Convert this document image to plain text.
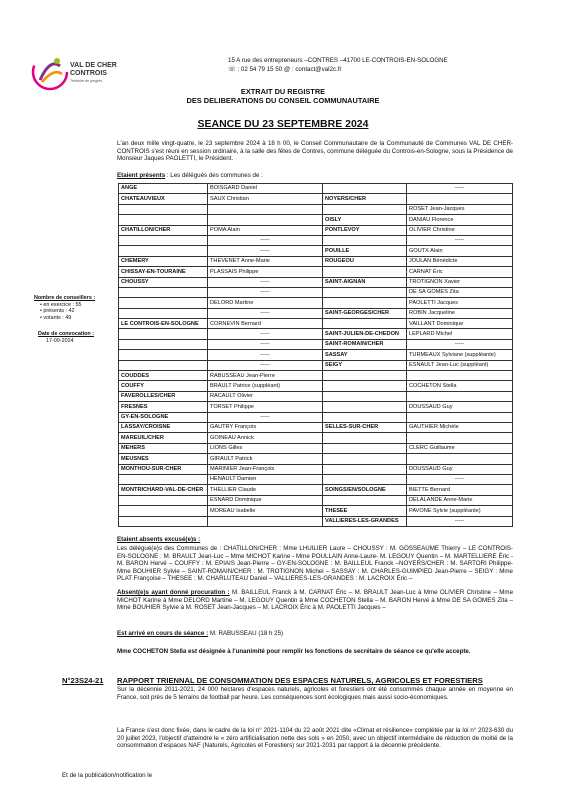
VAL DE CHER
CONTROIS
Territoire de progrès
15 A rue des entrepreneurs –CONTRES –41700 LE-CONTROIS-EN-SOLOGNE
☏ : 02 54 79 15 50 @ : contact@val2c.fr
EXTRAIT DU REGISTRE
DES DELIBERATIONS DU CONSEIL COMMUNAUTAIRE
SEANCE DU 23 SEPTEMBRE 2024
L'an deux mille vingt-quatre, le 23 septembre 2024 à 18 h 00, le Conseil Communautaire de la Communauté de Communes VAL DE CHER-CONTROIS s'est réuni en session ordinaire, à la salle des fêtes de Contres, commune déléguée du Controis-en-Sologne, sous la Présidence de Monsieur Jaques PAOLETTI, le Président.
Etaient présents : Les délégués des communes de :
Nombre de conseillers :
• en exercice : 55
• présents : 42
• votants : 49
Date de convocation :
17-09-2024
ANGE	BOISGARD Daniel		-----
CHATEAUVIEUX	SAUX Christian	NOYERS/CHER	
			ROSET Jean-Jacques
		OISLY	DANIAU Florence
CHATILLON/CHER	POMA Alain	PONTLEVOY	OLIVIER Christine
	-----		-----
	-----	POUILLE	GOUTX Alain
CHEMERY	THEVENET Anne-Marie	ROUGEOU	JOULAN Bénédicte
CHISSAY-EN-TOURAINE	PLASSAIS Philippe		CARNAT Éric
CHOUSSY	-----	SAINT-AIGNAN	TROTIGNON Xavier
	-----		DE SA GOMES Zita
	DELORD Martine		PAOLETTI Jacques
	-----	SAINT-GEORGES/CHER	ROBIN Jacqueline
LE CONTROIS-EN-SOLOGNE	CORNEVIN Bernard		VAILLANT Dominique
	-----	SAINT-JULIEN-DE-CHEDON	LEPLARD Michel
	-----	SAINT-ROMAIN/CHER	-----
	-----	SASSAY	TURMEAUX Sylviane (suppléante)
	-----	SEIGY	ESNAULT Jean-Luc (suppléant)
COUDDES	RABUSSEAU Jean-Pierre		
COUFFY	BRAULT Patrice (suppléant)		COCHETON Stella
FAVEROLLES/CHER	RACAULT Olivier		
FRESNES	TORSET Philippe		DOUSSAUD Guy
GY-EN-SOLOGNE	-----		
LASSAY/CROISNE	GAUTRY François	SELLES-SUR-CHER	GAUTHIER Michèle
MAREUIL/CHER	GOINEAU Annick		
MEHERS	LIONS Gilles		CLERC Guillaume
MEUSNES	GIRAULT Patrick		
MONTHOU-SUR-CHER	MARINIER Jean-François		DOUSSAUD Guy
	HENAULT Damien		-----
MONTRICHARD-VAL-DE-CHER	THELLIER Claude	SOINGS/EN/SOLOGNE	BIETTE Bernard
	ESNARD Dominique		DELALANDE Anne-Marie
	MOREAU Isabelle	THESEE	PAVONE Sylvie (suppléante)
		VALLIERES-LES-GRANDES	-----
Etaient absents excusé(e)s :
Les délégué(e)s des Communes de : CHATILLON/CHER : Mme LHUILIER Laure – CHOUSSY : M. GOSSEAUME Thierry – LE CONTROIS-EN-SOLOGNE : M. BRAULT Jean-Luc – Mme MICHOT Karine - Mme POULLAIN Anne-Laure- M. LEGOUY Quentin – M. MARTELLIERE Éric - M. BARON Hervé – COUFFY : M. EPIAIS Jean-Pierre – GY-EN-SOLOGNE : M. BAILLEUL Franck –NOYERS/CHER : M. SARTORI Philippe-Mme BOUHIER Sylvie – SAINT-ROMAIN/CHER : M. TROTIGNON Michel – SASSAY : M. CHARLES-GUIMPIED Jean-Pierre – SEIGY : Mme PLAT Françoise – THESEE : M. CHARLUTEAU Daniel – VALLIERES-LES-GRANDES : M. LACROIX Éric –
Absent(e)s ayant donné procuration : M. BAILLEUL Franck à M. CARNAT Éric – M. BRAULT Jean-Luc à Mme OLIVIER Christine – Mme MICHOT Karine à Mme DELORD Martine – M. LEGOUY Quentin à Mme COCHETON Stella – M. BARON Hervé à Mme DE SA GOMES Zita – Mme BOUHIER Sylvie à M. ROSET Jean-Jacques – M. LACROIX Éric à M. PAOLETTI Jacques –
Est arrivé en cours de séance : M. RABUSSEAU (18 h 25)
Mme COCHETON Stella est désignée à l'unanimité pour remplir les fonctions de secrétaire de séance ce qu'elle accepte.
N°23S24-21 RAPPORT TRIENNAL DE CONSOMMATION DES ESPACES NATURELS, AGRICOLES ET FORESTIERS
Sur la décennie 2011-2021, 24 000 hectares d'espaces naturels, agricoles et forestiers ont été consommés chaque année en moyenne en France, soit près de 5 terrains de football par heure. Les conséquences sont écologiques mais aussi socio-économiques.
La France s'est donc fixée, dans le cadre de la loi n° 2021-1104 du 22 août 2021 dite «Climat et résilience» complétée par la loi n° 2023-630 du 20 juillet 2023, l'objectif d'atteindre le « zéro artificialisation nette des sols » en 2050, avec un objectif intermédiaire de réduction de moitié de la consommation d'espaces NAF (Naturels, Agricoles et Forestiers) sur 2021-2031 par rapport à la décennie précédente.
Et de la publication/notification le
